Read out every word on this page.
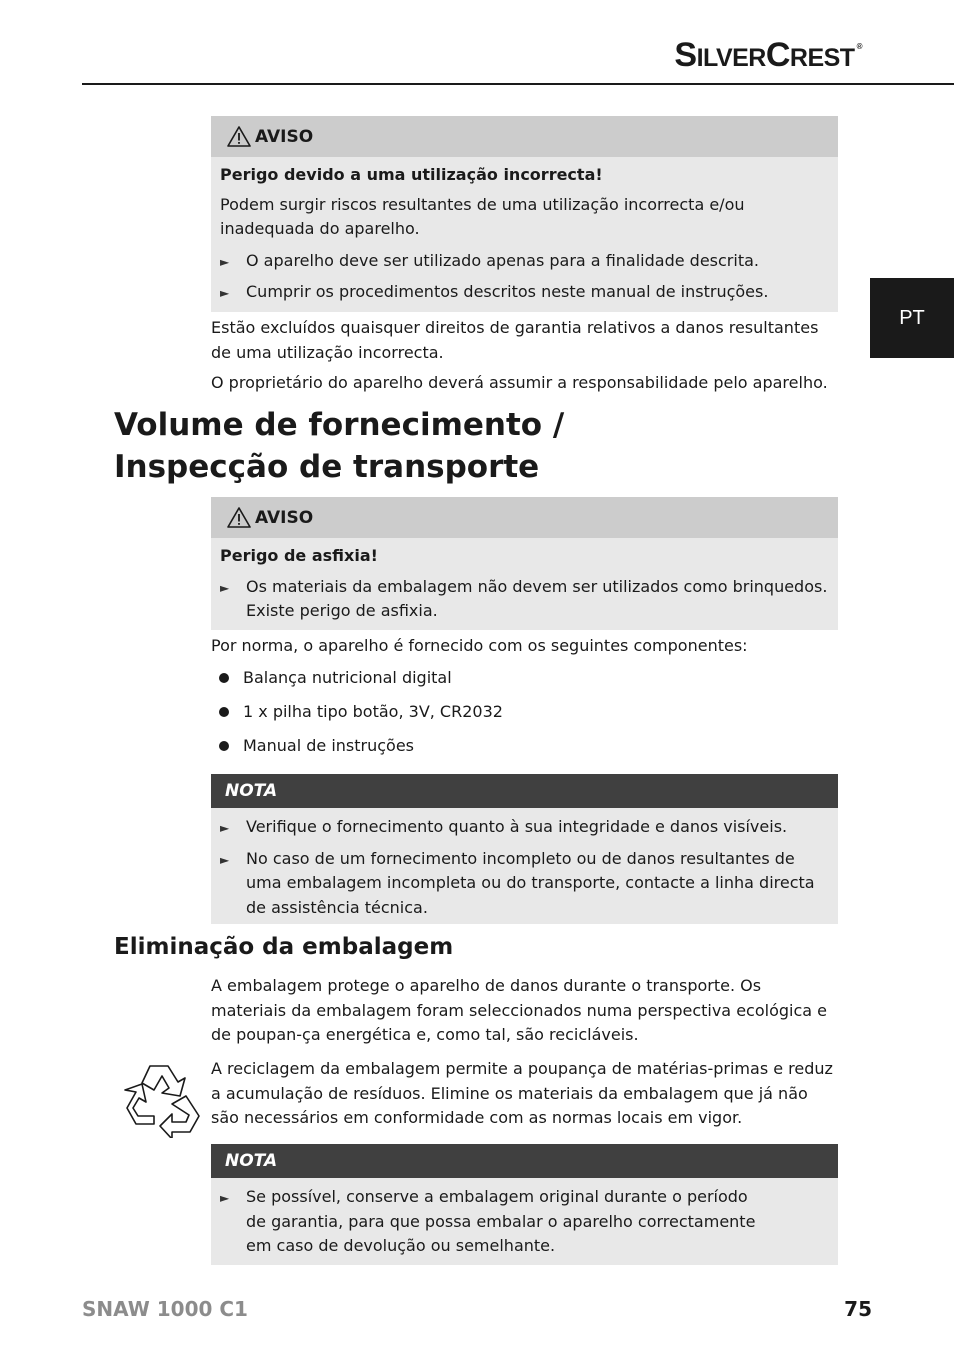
SILVERCREST ®
PT
AVISO
Perigo devido a uma utilização incorrecta!
Podem surgir riscos resultantes de uma utilização incorrecta e/ou inadequada do aparelho.
►	O aparelho deve ser utilizado apenas para a finalidade descrita.
►	Cumprir os procedimentos descritos neste manual de instruções.
Estão excluídos quaisquer direitos de garantia relativos a danos resultantes de uma utilização incorrecta.
O proprietário do aparelho deverá assumir a responsabilidade pelo aparelho.
Volume de fornecimento /
Inspecção de transporte
AVISO
Perigo de asfixia!
►	Os materiais da embalagem não devem ser utilizados como brinquedos. Existe perigo de asfixia.
Por norma, o aparelho é fornecido com os seguintes componentes:
Balança nutricional digital
1 x pilha tipo botão, 3V, CR2032
Manual de instruções
NOTA
►	Verifique o fornecimento quanto à sua integridade e danos visíveis.
►	No caso de um fornecimento incompleto ou de danos resultantes de uma embalagem incompleta ou do transporte, contacte a linha directa de assistência técnica.
Eliminação da embalagem
A embalagem protege o aparelho de danos durante o transporte. Os materiais da embalagem foram seleccionados numa perspectiva ecológica e de poupan-ça energética e, como tal, são recicláveis.
A reciclagem da embalagem permite a poupança de matérias-primas e reduz a acumulação de resíduos. Elimine os materiais da embalagem que já não são necessários em conformidade com as normas locais em vigor.
NOTA
►	Se possível, conserve a embalagem original durante o período de garantia, para que possa embalar o aparelho correctamente em caso de devolução ou semelhante.
SNAW 1000 C1	75
